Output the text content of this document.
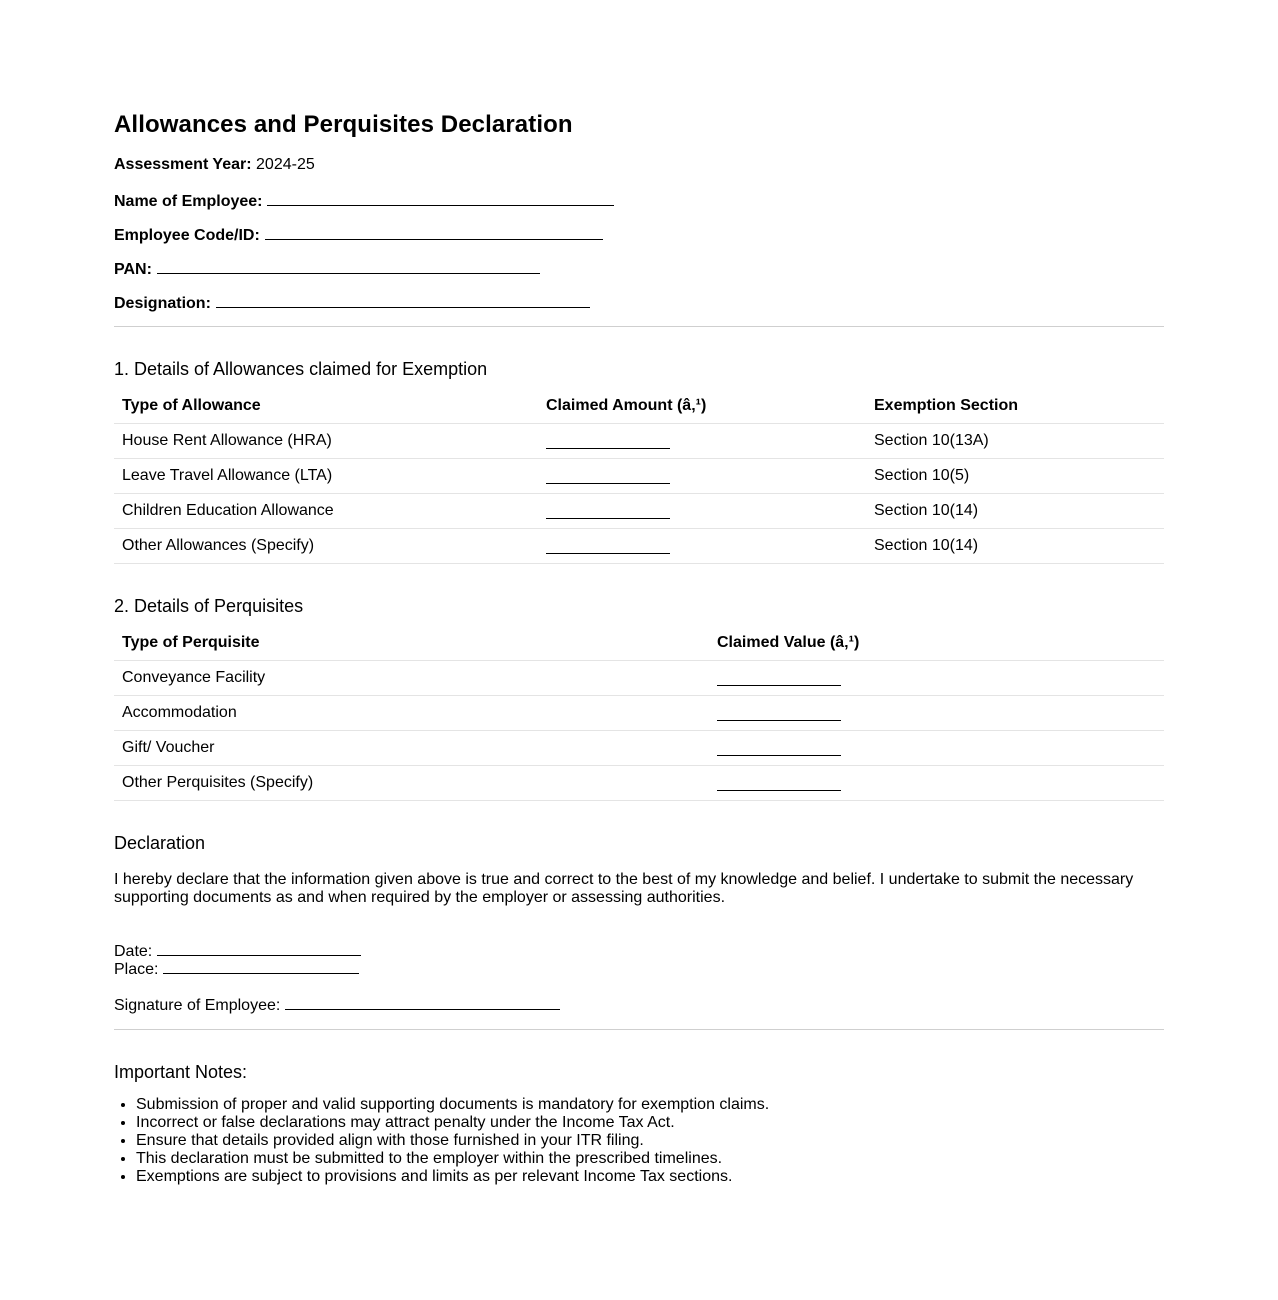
Allowances and Perquisites Declaration
Assessment Year: 2024-25
Name of Employee:
Employee Code/ID:
PAN:
Designation:
1. Details of Allowances claimed for Exemption
Type of Allowance	Claimed Amount (â‚¹)	Exemption Section
House Rent Allowance (HRA)		Section 10(13A)
Leave Travel Allowance (LTA)		Section 10(5)
Children Education Allowance		Section 10(14)
Other Allowances (Specify)		Section 10(14)
2. Details of Perquisites
Type of Perquisite	Claimed Value (â‚¹)
Conveyance Facility	
Accommodation	
Gift/ Voucher	
Other Perquisites (Specify)	
Declaration

I hereby declare that the information given above is true and correct to the best of my knowledge and belief. I undertake to submit the necessary supporting documents as and when required by the employer or assessing authorities.

Date:
Place:
Signature of Employee:
Important Notes:
• Submission of proper and valid supporting documents is mandatory for exemption claims.
• Incorrect or false declarations may attract penalty under the Income Tax Act.
• Ensure that details provided align with those furnished in your ITR filing.
• This declaration must be submitted to the employer within the prescribed timelines.
• Exemptions are subject to provisions and limits as per relevant Income Tax sections.
